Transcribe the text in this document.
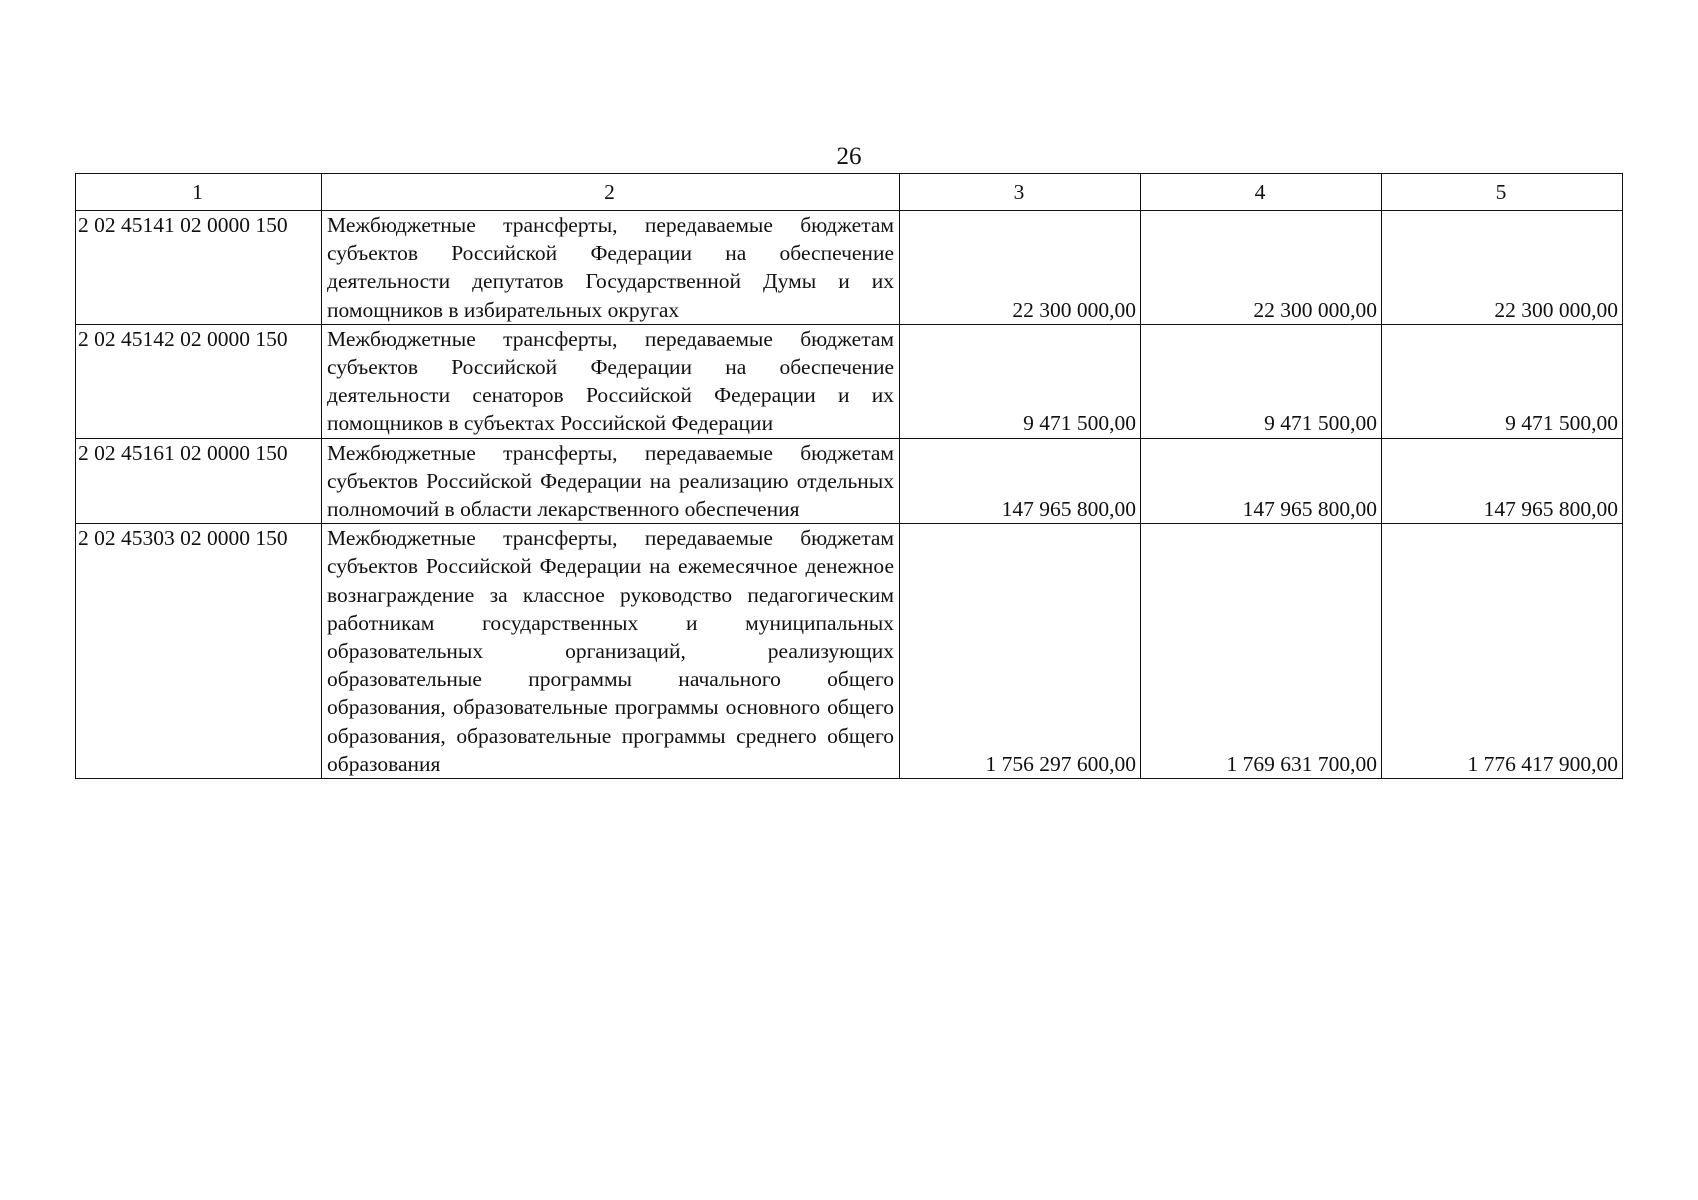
26
1	2	3	4	5
2 02 45141 02 0000 150	Межбюджетные трансферты, передаваемые бюджетам субъектов Российской Федерации на обеспечение деятельности депутатов Государственной Думы и их помощников в избирательных округах	22 300 000,00	22 300 000,00	22 300 000,00
2 02 45142 02 0000 150	Межбюджетные трансферты, передаваемые бюджетам субъектов Российской Федерации на обеспечение деятельности сенаторов Российской Федерации и их помощников в субъектах Российской Федерации	9 471 500,00	9 471 500,00	9 471 500,00
2 02 45161 02 0000 150	Межбюджетные трансферты, передаваемые бюджетам субъектов Российской Федерации на реализацию отдельных полномочий в области лекарственного обеспечения	147 965 800,00	147 965 800,00	147 965 800,00
2 02 45303 02 0000 150	Межбюджетные трансферты, передаваемые бюджетам субъектов Российской Федерации на ежемесячное денежное вознаграждение за классное руководство педагогическим работникам государственных и муниципальных образовательных организаций, реализующих образовательные программы начального общего образования, образовательные программы основного общего образования, образовательные программы среднего общего образования	1 756 297 600,00	1 769 631 700,00	1 776 417 900,00
